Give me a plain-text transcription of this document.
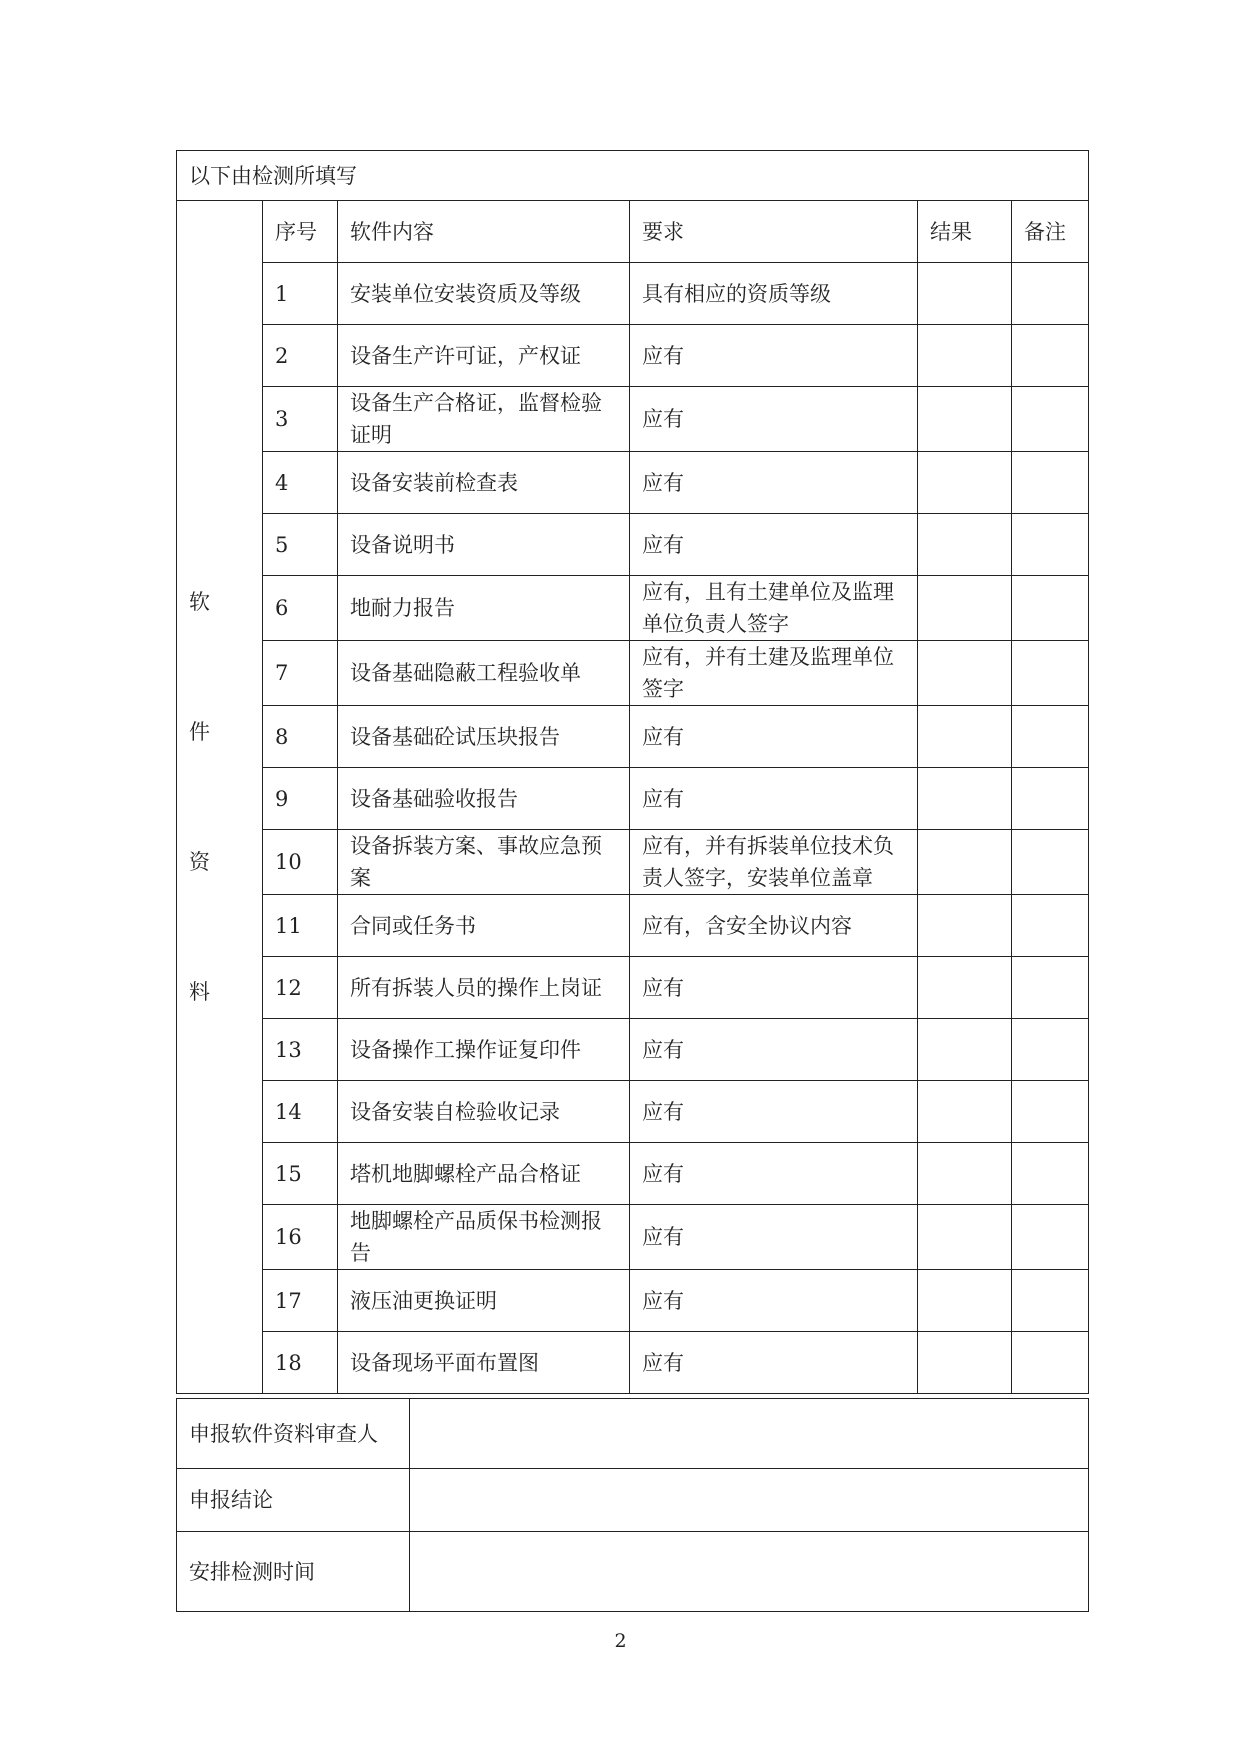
以下由检测所填写					

软
件
资
料	序号	软件内容	要求	结果	备注
	1	安装单位安装资质及等级	具有相应的资质等级		
	2	设备生产许可证，产权证	应有		
	3	设备生产合格证，监督检验证明	应有		
	4	设备安装前检查表	应有		
	5	设备说明书	应有		
	6	地耐力报告	应有，且有土建单位及监理单位负责人签字		
	7	设备基础隐蔽工程验收单	应有，并有土建及监理单位签字		
	8	设备基础砼试压块报告	应有		
	9	设备基础验收报告	应有		
	10	设备拆装方案、事故应急预案	应有，并有拆装单位技术负责人签字，安装单位盖章		
	11	合同或任务书	应有，含安全协议内容		
	12	所有拆装人员的操作上岗证	应有		
	13	设备操作工操作证复印件	应有		
	14	设备安装自检验收记录	应有		
	15	塔机地脚螺栓产品合格证	应有		
	16	地脚螺栓产品质保书检测报告	应有		
	17	液压油更换证明	应有		
	18	设备现场平面布置图	应有		
申报软件资料审查人	
申报结论	
安排检测时间	
2
